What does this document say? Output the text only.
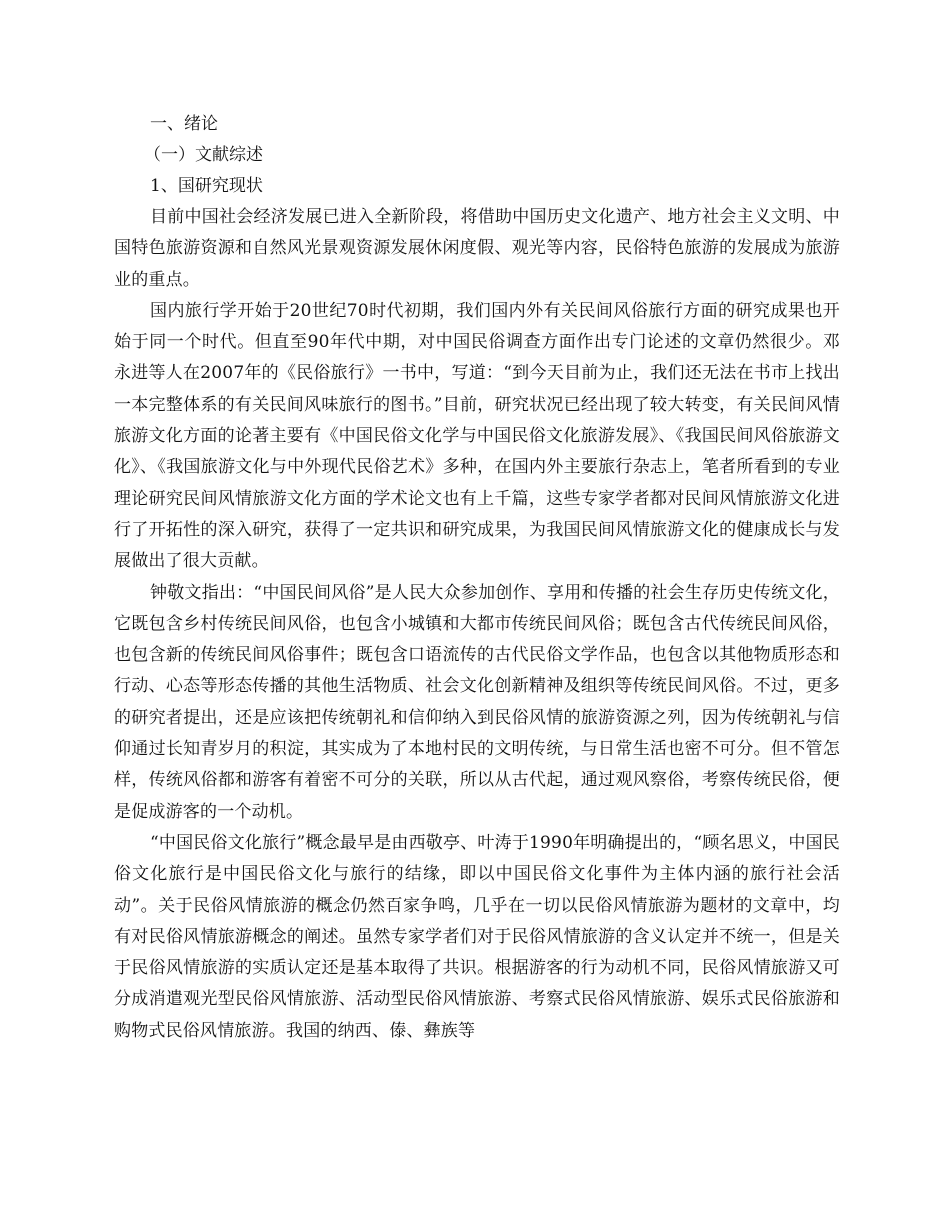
一、绪论

（一）文献综述

1、国研究现状

目前中国社会经济发展已进入全新阶段，将借助中国历史文化遗产、地方社会主义文明、中国特色旅游资源和自然风光景观资源发展休闲度假、观光等内容，民俗特色旅游的发展成为旅游业的重点。

国内旅行学开始于20世纪70时代初期，我们国内外有关民间风俗旅行方面的研究成果也开始于同一个时代。但直至90年代中期，对中国民俗调查方面作出专门论述的文章仍然很少。邓永进等人在2007年的《民俗旅行》一书中，写道：“到今天目前为止，我们还无法在书市上找出一本完整体系的有关民间风味旅行的图书。”目前，研究状况已经出现了较大转变，有关民间风情旅游文化方面的论著主要有《中国民俗文化学与中国民俗文化旅游发展》、《我国民间风俗旅游文化》、《我国旅游文化与中外现代民俗艺术》多种，在国内外主要旅行杂志上，笔者所看到的专业理论研究民间风情旅游文化方面的学术论文也有上千篇，这些专家学者都对民间风情旅游文化进行了开拓性的深入研究，获得了一定共识和研究成果，为我国民间风情旅游文化的健康成长与发展做出了很大贡献。

钟敬文指出：“中国民间风俗”是人民大众参加创作、享用和传播的社会生存历史传统文化，它既包含乡村传统民间风俗，也包含小城镇和大都市传统民间风俗；既包含古代传统民间风俗，也包含新的传统民间风俗事件；既包含口语流传的古代民俗文学作品，也包含以其他物质形态和行动、心态等形态传播的其他生活物质、社会文化创新精神及组织等传统民间风俗。不过，更多的研究者提出，还是应该把传统朝礼和信仰纳入到民俗风情的旅游资源之列，因为传统朝礼与信仰通过长知青岁月的积淀，其实成为了本地村民的文明传统，与日常生活也密不可分。但不管怎样，传统风俗都和游客有着密不可分的关联，所以从古代起，通过观风察俗，考察传统民俗，便是促成游客的一个动机。

“中国民俗文化旅行”概念最早是由西敬亭、叶涛于1990年明确提出的，“顾名思义，中国民俗文化旅行是中国民俗文化与旅行的结缘，即以中国民俗文化事件为主体内涵的旅行社会活动”。关于民俗风情旅游的概念仍然百家争鸣，几乎在一切以民俗风情旅游为题材的文章中，均有对民俗风情旅游概念的阐述。虽然专家学者们对于民俗风情旅游的含义认定并不统一，但是关于民俗风情旅游的实质认定还是基本取得了共识。根据游客的行为动机不同，民俗风情旅游又可分成消遣观光型民俗风情旅游、活动型民俗风情旅游、考察式民俗风情旅游、娱乐式民俗旅游和购物式民俗风情旅游。我国的纳西、傣、彝族等
